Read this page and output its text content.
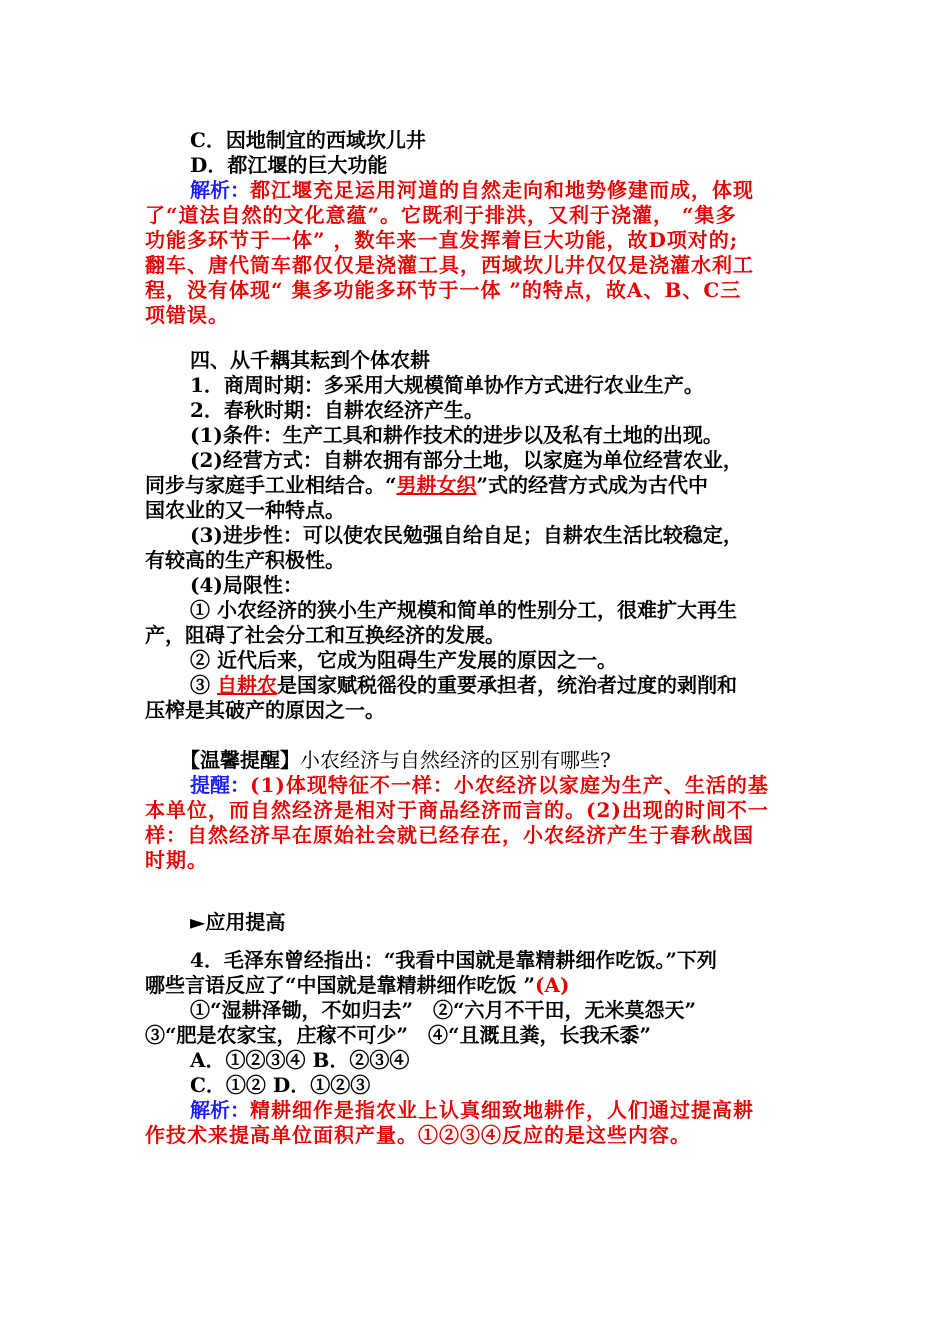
C．因地制宜的西域坎儿井
D．都江堰的巨大功能
解析：都江堰充足运用河道的自然走向和地势修建而成，体现
了“道法自然的文化意蕴”。它既利于排洪，又利于浇灌， “集多
功能多环节于一体” ，数年来一直发挥着巨大功能，故D项对的;
翻车、唐代筒车都仅仅是浇灌工具，西域坎儿井仅仅是浇灌水利工
程，没有体现“ 集多功能多环节于一体 ”的特点，故A、B、C三
项错误。
四、从千耦其耘到个体农耕
1．商周时期：多采用大规模简单协作方式进行农业生产。
2．春秋时期：自耕农经济产生。
(1)条件：生产工具和耕作技术的进步以及私有土地的出现。
(2)经营方式：自耕农拥有部分土地，以家庭为单位经营农业，
同步与家庭手工业相结合。“男耕女织”式的经营方式成为古代中
国农业的又一种特点。
(3)进步性：可以使农民勉强自给自足；自耕农生活比较稳定，
有较高的生产积极性。
(4)局限性：
① 小农经济的狭小生产规模和简单的性别分工，很难扩大再生
产，阻碍了社会分工和互换经济的发展。
② 近代后来，它成为阻碍生产发展的原因之一。
③ 自耕农是国家赋税徭役的重要承担者，统治者过度的剥削和
压榨是其破产的原因之一。
【温馨提醒】小农经济与自然经济的区别有哪些?
提醒：(1)体现特征不一样：小农经济以家庭为生产、生活的基
本单位，而自然经济是相对于商品经济而言的。(2)出现的时间不一
样：自然经济早在原始社会就已经存在，小农经济产生于春秋战国
时期。
►应用提高
4．毛泽东曾经指出：“我看中国就是靠精耕细作吃饭。”下列
哪些言语反应了“中国就是靠精耕细作吃饭 ”(A)
①“湿耕泽锄，不如归去”　②“六月不干田，无米莫怨天”
③“肥是农家宝，庄稼不可少”　④“且溉且粪，长我禾黍”
A．①②③④ B．②③④
C．①② D．①②③
解析：精耕细作是指农业上认真细致地耕作，人们通过提高耕
作技术来提高单位面积产量。①②③④反应的是这些内容。
